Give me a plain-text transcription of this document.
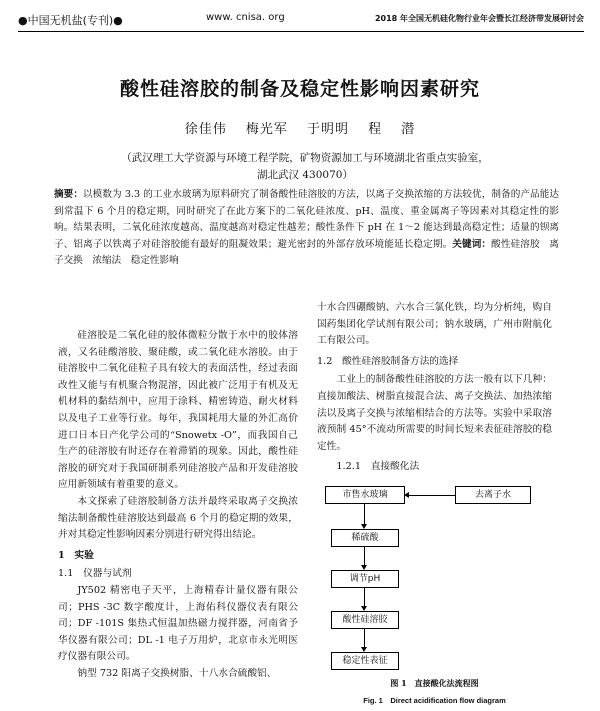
●中国无机盐(专刊)●	www. cnisa. org	2018 年全国无机硅化物行业年会暨长江经济带发展研讨会
酸性硅溶胶的制备及稳定性影响因素研究
徐佳伟 梅光军 于明明 程 潜
（武汉理工大学资源与环境工程学院，矿物资源加工与环境湖北省重点实验室，
湖北武汉 430070）
摘要：以模数为 3.3 的工业水玻璃为原料研究了制备酸性硅溶胶的方法，以离子交换浓缩的方法较优，制备的产品能达到常温下 6 个月的稳定期，同时研究了在此方案下的二氧化硅浓度、pH、温度、重金属离子等因素对其稳定性的影响。结果表明，二氧化硅浓度越高、温度越高对稳定性越差；酸性条件下 pH 在 1～2 能达到最高稳定性；适量的钡离子、铝离子以铁离子对硅溶胶能有最好的阻凝效果；避光密封的外部存放环境能延长稳定期。关键词：酸性硅溶胶　离子交换　浓缩法　稳定性影响

硅溶胶是二氧化硅的胶体微粒分散于水中的胶体溶液，又名硅酸溶胶、聚硅酸，或二氧化硅水溶胶。由于硅溶胶中二氧化硅粒子具有较大的表面活性，经过表面改性又能与有机聚合物混溶，因此被广泛用于有机及无机材料的黏结剂中，应用于涂料、精密铸造、耐火材料以及电子工业等行业。每年，我国耗用大量的外汇高价进口日本日产化学公司的“Snowetx -O”，而我国自己生产的硅溶胶有时还存在着滞销的现象。因此，酸性硅溶胶的研究对于我国研制系列硅溶胶产品和开发硅溶胶应用新领域有着重要的意义。

本文探索了硅溶胶制备方法并最终采取离子交换浓缩法制备酸性硅溶胶达到最高 6 个月的稳定期的效果，并对其稳定性影响因素分别进行研究得出结论。

1　实验
1.1　仪器与试剂

JY502 精密电子天平，上海精春计量仪器有限公司；PHS -3C 数字酸度计，上海佑科仪器仪表有限公司；DF -101S 集热式恒温加热磁力搅拌器，河南省予华仪器有限公司；DL -1 电子万用炉，北京市永光明医疗仪器有限公司。

钠型 732 阳离子交换树脂、十八水合硫酸铝、

十水合四硼酸钠、六水合三氯化铁，均为分析纯，购自国药集团化学试剂有限公司；钠水玻璃，广州市附航化工有限公司。

1.2　酸性硅溶胶制备方法的选择

工业上的制备酸性硅溶胶的方法一般有以下几种：直接加酸法、树脂直接混合法、离子交换法、加热浓缩法以及离子交换与浓缩相结合的方法等。实验中采取溶液预制 45°不流动所需要的时间长短来表征硅溶胶的稳定性。

1.2.1　直接酸化法
市售水玻璃	去离子水
稀硫酸
调节pH
酸性硅溶胶
稳定性表征
图 1　直接酸化法流程图
Fig. 1　Direct acidification flow diagram
